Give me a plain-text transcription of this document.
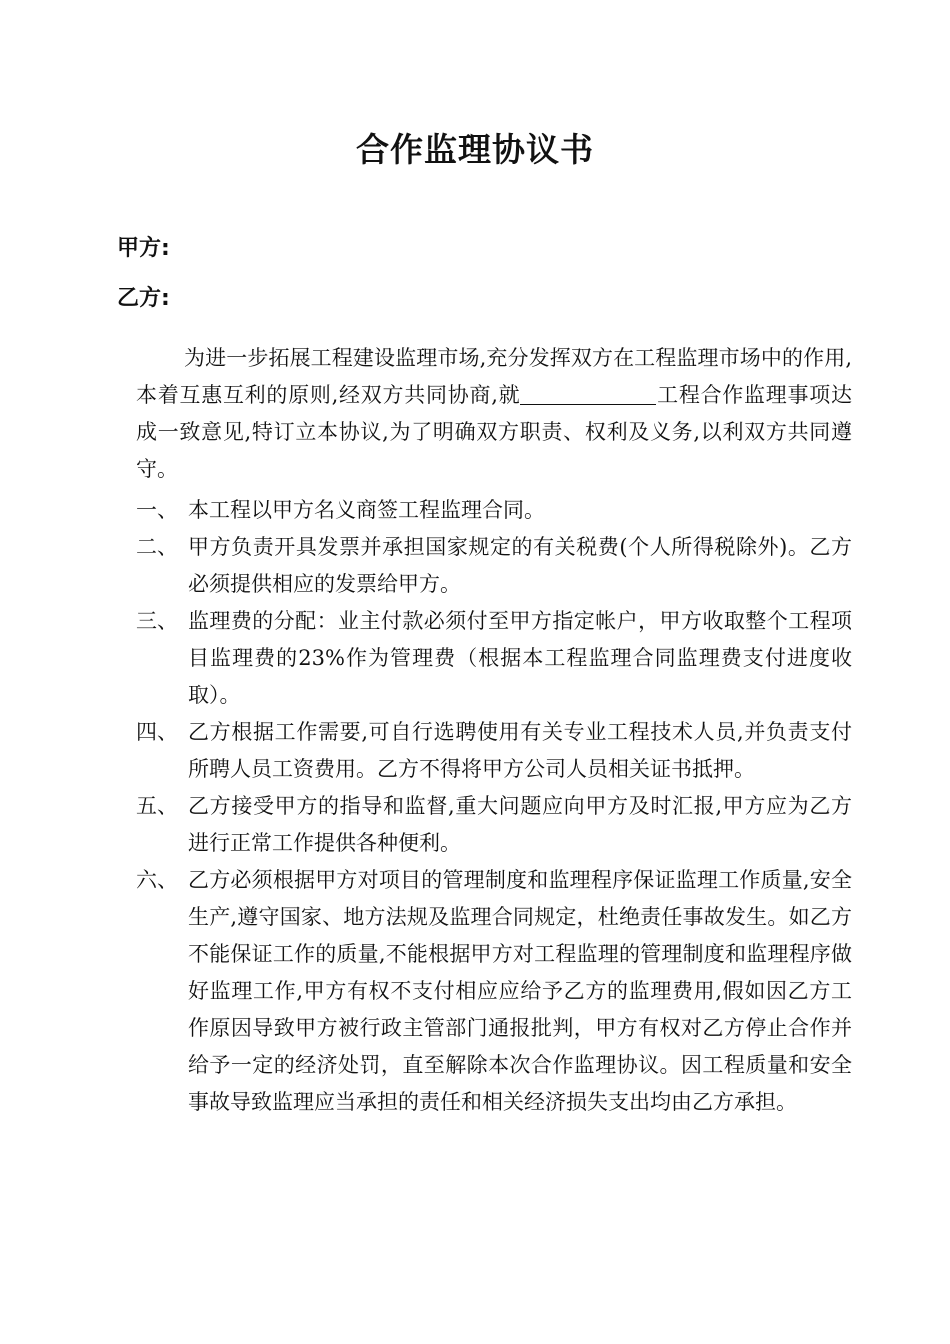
合作监理协议书
甲方:
乙方:
为进一步拓展工程建设监理市场,充分发挥双方在工程监理市场中的作用,本着互惠互利的原则,经双方共同协商,就	工程合作监理事项达成一致意见,特订立本协议,为了明确双方职责、权利及义务,以利双方共同遵守。
一、 本工程以甲方名义商签工程监理合同。
二、 甲方负责开具发票并承担国家规定的有关税费(个人所得税除外)。乙方必须提供相应的发票给甲方。
三、 监理费的分配：业主付款必须付至甲方指定帐户，甲方收取整个工程项目监理费的23%作为管理费（根据本工程监理合同监理费支付进度收取）。
四、 乙方根据工作需要,可自行选聘使用有关专业工程技术人员,并负责支付所聘人员工资费用。乙方不得将甲方公司人员相关证书抵押。
五、 乙方接受甲方的指导和监督,重大问题应向甲方及时汇报,甲方应为乙方进行正常工作提供各种便利。
六、 乙方必须根据甲方对项目的管理制度和监理程序保证监理工作质量,安全生产,遵守国家、地方法规及监理合同规定，杜绝责任事故发生。如乙方不能保证工作的质量,不能根据甲方对工程监理的管理制度和监理程序做好监理工作,甲方有权不支付相应应给予乙方的监理费用,假如因乙方工作原因导致甲方被行政主管部门通报批判，甲方有权对乙方停止合作并给予一定的经济处罚，直至解除本次合作监理协议。因工程质量和安全事故导致监理应当承担的责任和相关经济损失支出均由乙方承担。
